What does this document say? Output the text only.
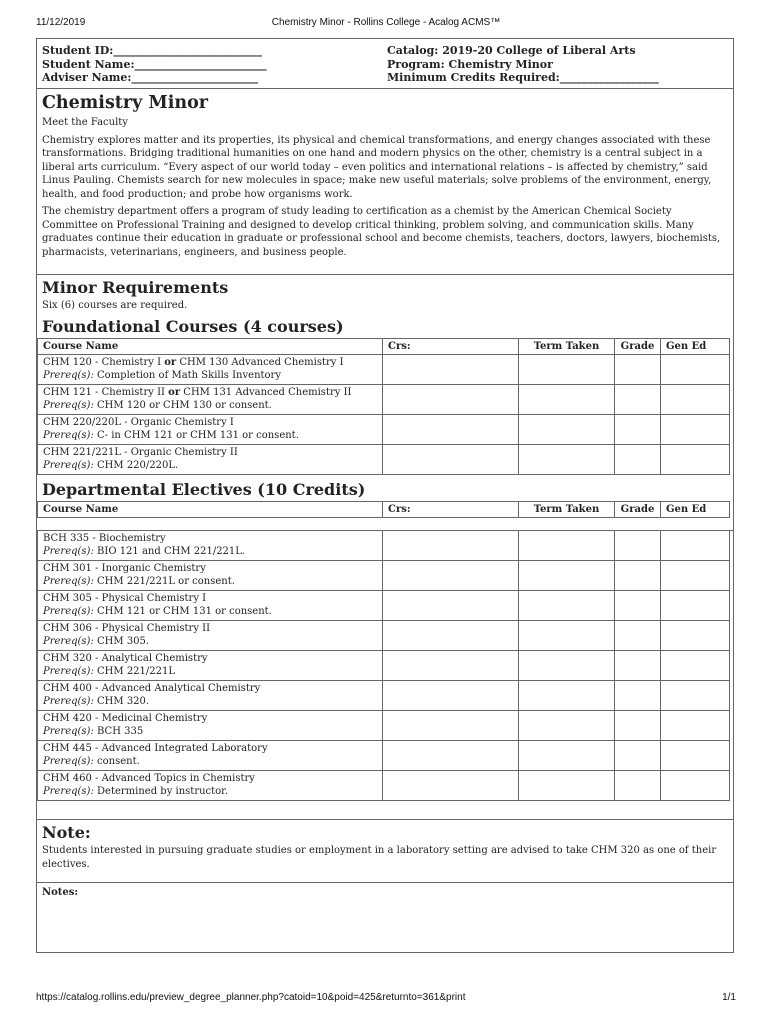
11/12/2019	Chemistry Minor - Rollins College - Acalog ACMS™
Student ID:___________________________
Student Name:________________________
Adviser Name:_______________________
Catalog: 2019-20 College of Liberal Arts
Program: Chemistry Minor
Minimum Credits Required:__________________
Chemistry Minor

Meet the Faculty

Chemistry explores matter and its properties, its physical and chemical transformations, and energy changes associated with these transformations. Bridging traditional humanities on one hand and modern physics on the other, chemistry is a central subject in a liberal arts curriculum. “Every aspect of our world today – even politics and international relations – is affected by chemistry,” said Linus Pauling. Chemists search for new molecules in space; make new useful materials; solve problems of the environment, energy, health, and food production; and probe how organisms work.

The chemistry department offers a program of study leading to certification as a chemist by the American Chemical Society Committee on Professional Training and designed to develop critical thinking, problem solving, and communication skills. Many graduates continue their education in graduate or professional school and become chemists, teachers, doctors, lawyers, biochemists, pharmacists, veterinarians, engineers, and business people.

Minor Requirements

Six (6) courses are required.

Foundational Courses (4 courses)
Course Name	Crs:	Term Taken	Grade	Gen Ed

CHM 120 - Chemistry I or CHM 130 Advanced Chemistry I
Prereq(s): Completion of Math Skills Inventory				

CHM 121 - Chemistry II or CHM 131 Advanced Chemistry II
Prereq(s): CHM 120 or CHM 130 or consent.				

CHM 220/220L - Organic Chemistry I
Prereq(s): C- in CHM 121 or CHM 131 or consent.				

CHM 221/221L - Organic Chemistry II
Prereq(s): CHM 220/220L.				

Departmental Electives (10 Credits)
Course Name	Crs:	Term Taken	Grade	Gen Ed
BCH 335 - Biochemistry
Prereq(s): BIO 121 and CHM 221/221L.				

CHM 301 - Inorganic Chemistry
Prereq(s): CHM 221/221L or consent.				

CHM 305 - Physical Chemistry I
Prereq(s): CHM 121 or CHM 131 or consent.				

CHM 306 - Physical Chemistry II
Prereq(s): CHM 305.				

CHM 320 - Analytical Chemistry
Prereq(s): CHM 221/221L				

CHM 400 - Advanced Analytical Chemistry
Prereq(s): CHM 320.				

CHM 420 - Medicinal Chemistry
Prereq(s): BCH 335				

CHM 445 - Advanced Integrated Laboratory
Prereq(s): consent.				

CHM 460 - Advanced Topics in Chemistry
Prereq(s): Determined by instructor.				

Note:

Students interested in pursuing graduate studies or employment in a laboratory setting are advised to take CHM 320 as one of their electives.

Notes:
https://catalog.rollins.edu/preview_degree_planner.php?catoid=10&poid=425&returnto=361&print	1/1
